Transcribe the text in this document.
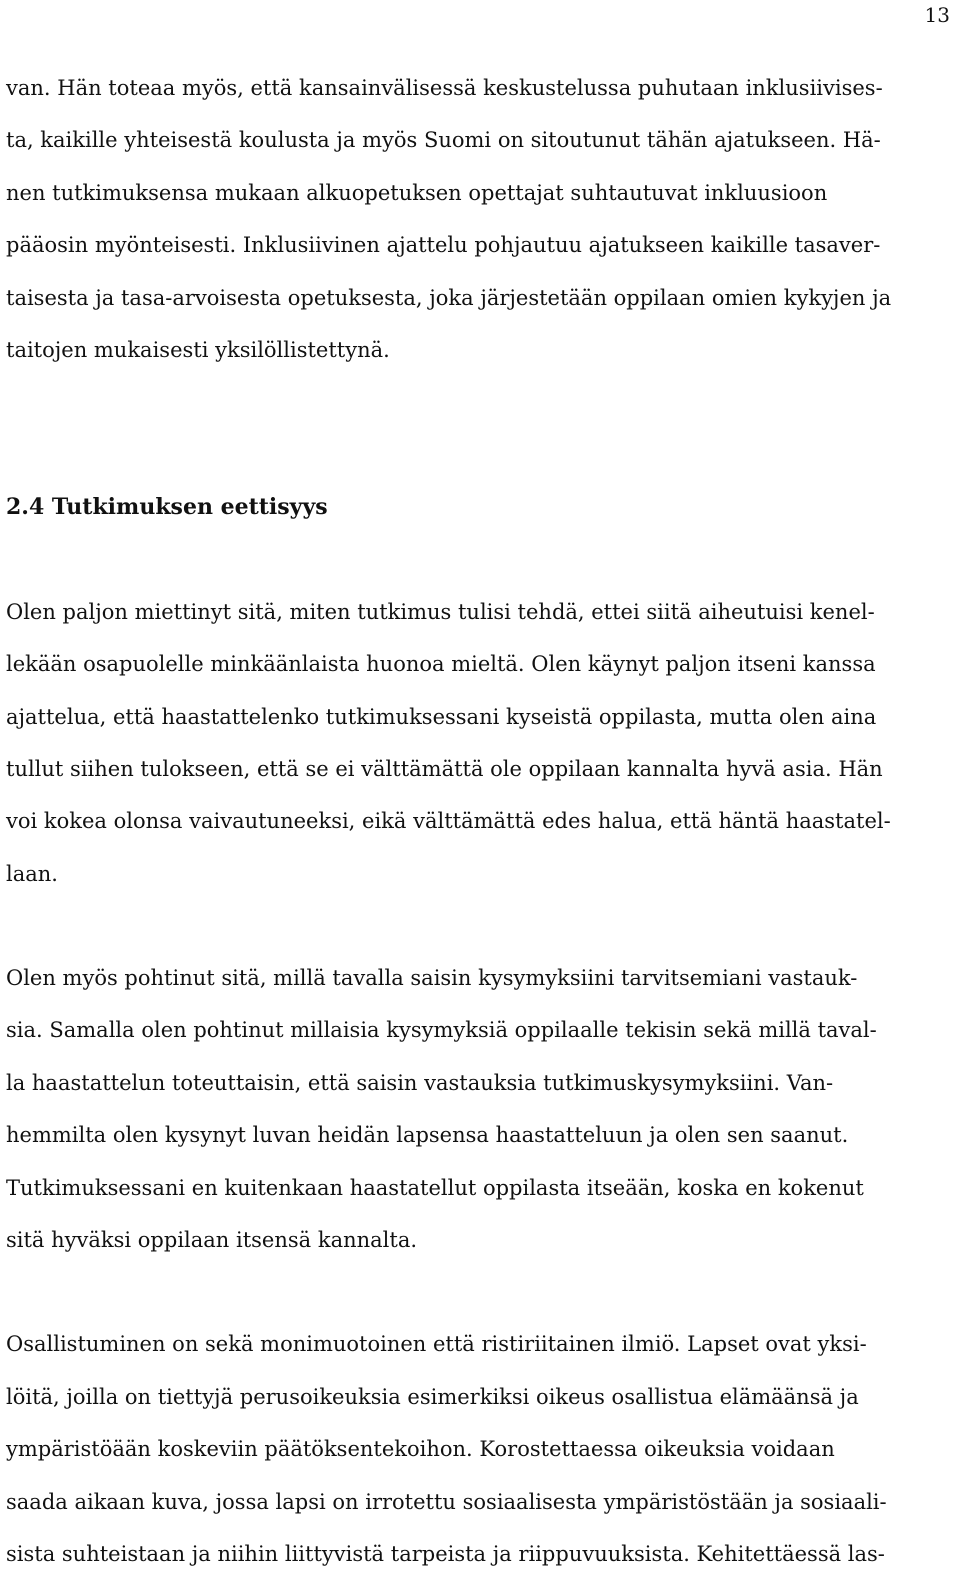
13
van. Hän toteaa myös, että kansainvälisessä keskustelussa puhutaan inklusiivises-
ta, kaikille yhteisestä koulusta ja myös Suomi on sitoutunut tähän ajatukseen. Hä-
nen tutkimuksensa mukaan alkuopetuksen opettajat suhtautuvat inkluusioon
pääosin myönteisesti. Inklusiivinen ajattelu pohjautuu ajatukseen kaikille tasaver-
taisesta ja tasa-arvoisesta opetuksesta, joka järjestetään oppilaan omien kykyjen ja
taitojen mukaisesti yksilöllistettynä.
2.4 Tutkimuksen eettisyys
Olen paljon miettinyt sitä, miten tutkimus tulisi tehdä, ettei siitä aiheutuisi kenel-
lekään osapuolelle minkäänlaista huonoa mieltä. Olen käynyt paljon itseni kanssa
ajattelua, että haastattelenko tutkimuksessani kyseistä oppilasta, mutta olen aina
tullut siihen tulokseen, että se ei välttämättä ole oppilaan kannalta hyvä asia. Hän
voi kokea olonsa vaivautuneeksi, eikä välttämättä edes halua, että häntä haastatel-
laan.
Olen myös pohtinut sitä, millä tavalla saisin kysymyksiini tarvitsemiani vastauk-
sia. Samalla olen pohtinut millaisia kysymyksiä oppilaalle tekisin sekä millä taval-
la haastattelun toteuttaisin, että saisin vastauksia tutkimuskysymyksiini. Van-
hemmilta olen kysynyt luvan heidän lapsensa haastatteluun ja olen sen saanut.
Tutkimuksessani en kuitenkaan haastatellut oppilasta itseään, koska en kokenut
sitä hyväksi oppilaan itsensä kannalta.
Osallistuminen on sekä monimuotoinen että ristiriitainen ilmiö. Lapset ovat yksi-
löitä, joilla on tiettyjä perusoikeuksia esimerkiksi oikeus osallistua elämäänsä ja
ympäristöään koskeviin päätöksentekoihon. Korostettaessa oikeuksia voidaan
saada aikaan kuva, jossa lapsi on irrotettu sosiaalisesta ympäristöstään ja sosiaali-
sista suhteistaan ja niihin liittyvistä tarpeista ja riippuvuuksista. Kehitettäessä las-
